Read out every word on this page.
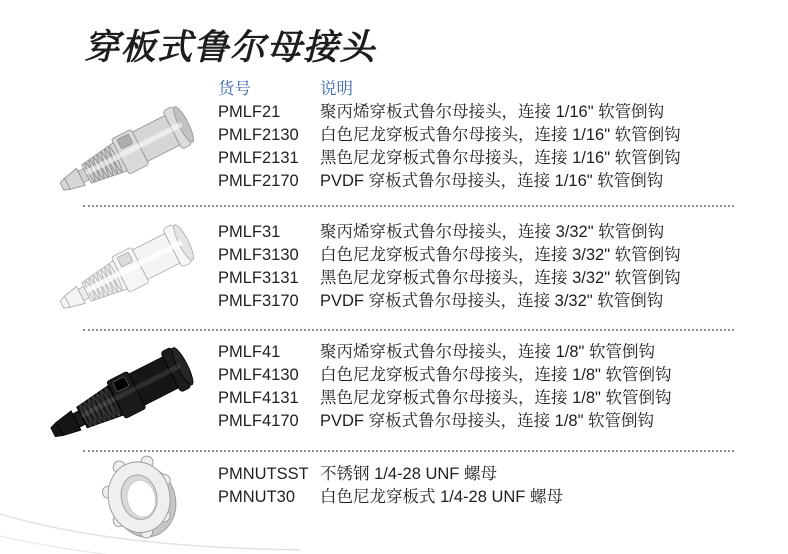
穿板式鲁尔母接头
货号	说明
PMLF21 聚丙烯穿板式鲁尔母接头，连接 1/16" 软管倒钩
PMLF2130 白色尼龙穿板式鲁尔母接头，连接 1/16" 软管倒钩
PMLF2131 黑色尼龙穿板式鲁尔母接头，连接 1/16" 软管倒钩
PMLF2170 PVDF 穿板式鲁尔母接头，连接 1/16" 软管倒钩
PMLF31 聚丙烯穿板式鲁尔母接头，连接 3/32" 软管倒钩
PMLF3130 白色尼龙穿板式鲁尔母接头，连接 3/32" 软管倒钩
PMLF3131 黑色尼龙穿板式鲁尔母接头，连接 3/32" 软管倒钩
PMLF3170 PVDF 穿板式鲁尔母接头，连接 3/32" 软管倒钩
PMLF41 聚丙烯穿板式鲁尔母接头，连接 1/8" 软管倒钩
PMLF4130 白色尼龙穿板式鲁尔母接头，连接 1/8" 软管倒钩
PMLF4131 黑色尼龙穿板式鲁尔母接头，连接 1/8" 软管倒钩
PMLF4170 PVDF 穿板式鲁尔母接头，连接 1/8" 软管倒钩
PMNUTSST 不锈钢 1/4-28 UNF 螺母
PMNUT30 白色尼龙穿板式 1/4-28 UNF 螺母
